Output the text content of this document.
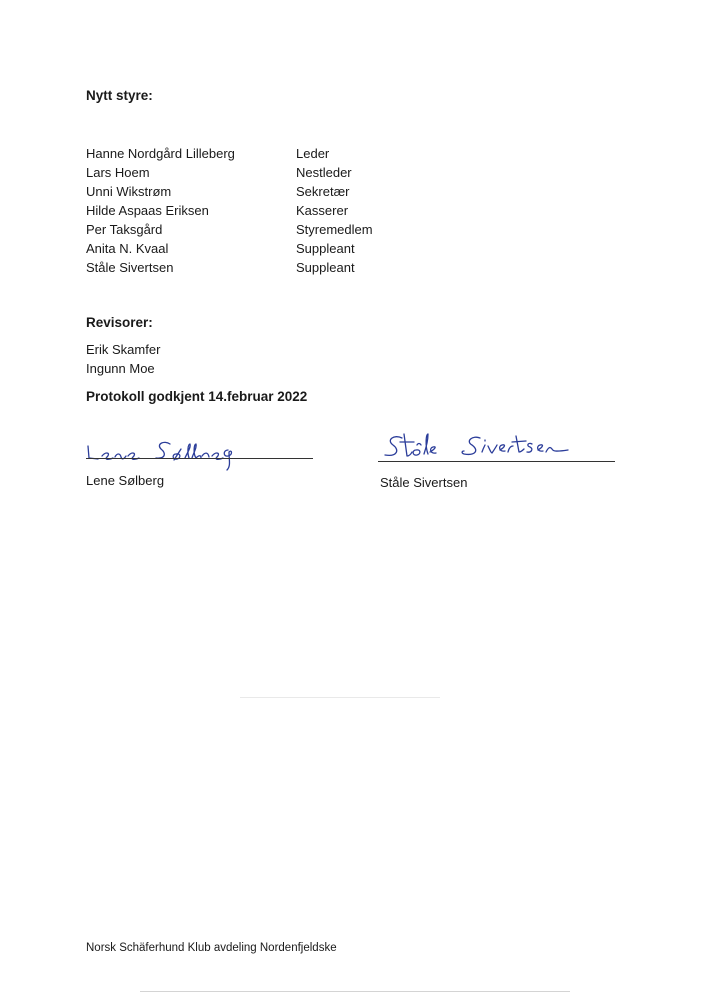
Nytt styre:
Hanne Nordgård Lilleberg	Leder
Lars Hoem	Nestleder
Unni Wikstrøm	Sekretær
Hilde Aspaas Eriksen	Kasserer
Per Taksgård	Styremedlem
Anita N. Kvaal	Suppleant
Ståle Sivertsen	Suppleant
Revisorer:
Erik Skamfer
Ingunn Moe
Protokoll godkjent 14.februar 2022
Lene Sølberg	Ståle Sivertsen
Norsk Schäferhund Klub avdeling Nordenfjeldske
